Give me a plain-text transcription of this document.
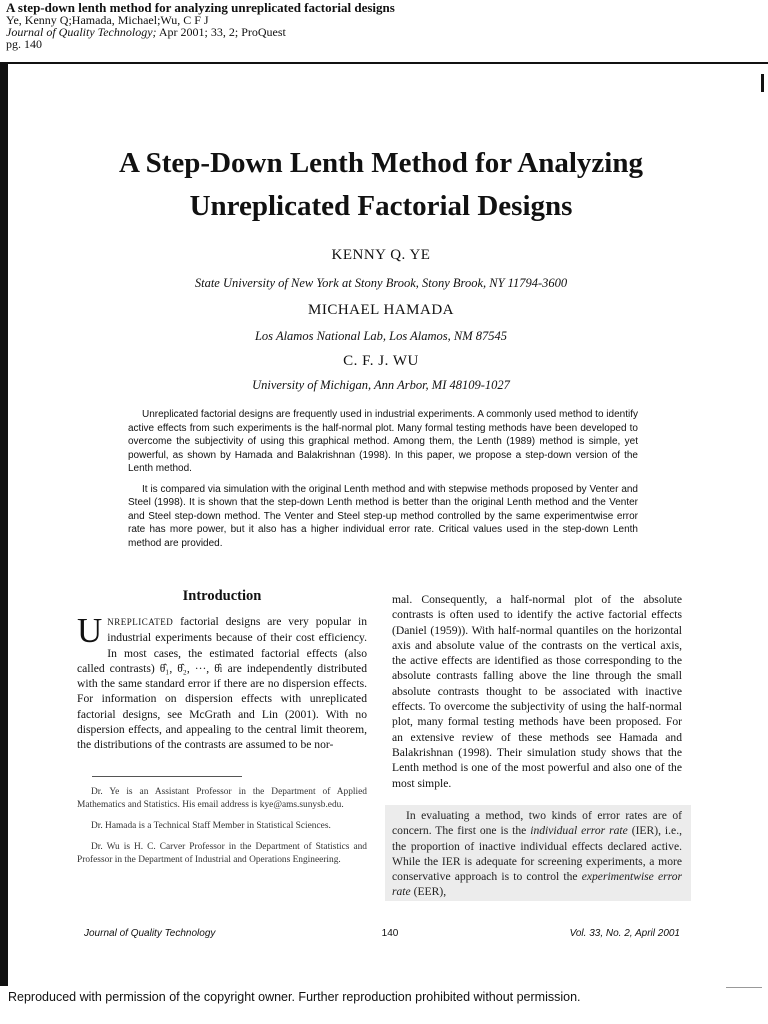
A step-down lenth method for analyzing unreplicated factorial designs
Ye, Kenny Q;Hamada, Michael;Wu, C F J
Journal of Quality Technology; Apr 2001; 33, 2; ProQuest
pg. 140
A Step-Down Lenth Method for Analyzing
Unreplicated Factorial Designs
KENNY Q. YE
State University of New York at Stony Brook, Stony Brook, NY 11794-3600
MICHAEL HAMADA
Los Alamos National Lab, Los Alamos, NM 87545
C. F. J. WU
University of Michigan, Ann Arbor, MI 48109-1027

Unreplicated factorial designs are frequently used in industrial experiments. A commonly used method to identify active effects from such experiments is the half-normal plot. Many formal testing methods have been developed to overcome the subjectivity of using this graphical method. Among them, the Lenth (1989) method is simple, yet powerful, as shown by Hamada and Balakrishnan (1998). In this paper, we propose a step-down version of the Lenth method.

It is compared via simulation with the original Lenth method and with stepwise methods proposed by Venter and Steel (1998). It is shown that the step-down Lenth method is better than the original Lenth method and the Venter and Steel step-down method. The Venter and Steel step-up method controlled by the same experimentwise error rate has more power, but it also has a higher individual error rate. Critical values used in the step-down Lenth method are provided.

Introduction

UNREPLICATED factorial designs are very popular in industrial experiments because of their cost efficiency. In most cases, the estimated factorial effects (also called contrasts) θ̂₁, θ̂₂, ···, θ̂ₗ are independently distributed with the same standard error if there are no dispersion effects. For information on dispersion effects with unreplicated factorial designs, see McGrath and Lin (2001). With no dispersion effects, and appealing to the central limit theorem, the distributions of the contrasts are assumed to be nor-

Dr. Ye is an Assistant Professor in the Department of Applied Mathematics and Statistics. His email address is kye@ams.sunysb.edu.

Dr. Hamada is a Technical Staff Member in Statistical Sciences.

Dr. Wu is H. C. Carver Professor in the Department of Statistics and Professor in the Department of Industrial and Operations Engineering.

mal. Consequently, a half-normal plot of the absolute contrasts is often used to identify the active factorial effects (Daniel (1959)). With half-normal quantiles on the horizontal axis and absolute value of the contrasts on the vertical axis, the active effects are identified as those corresponding to the absolute contrasts falling above the line through the small absolute contrasts thought to be associated with inactive effects. To overcome the subjectivity of using the half-normal plot, many formal testing methods have been proposed. For an extensive review of these methods see Hamada and Balakrishnan (1998). Their simulation study shows that the Lenth method is one of the most powerful and also one of the most simple.

In evaluating a method, two kinds of error rates are of concern. The first one is the individual error rate (IER), i.e., the proportion of inactive individual effects declared active. While the IER is adequate for screening experiments, a more conservative approach is to control the experimentwise error rate (EER),

Journal of Quality Technology	140	Vol. 33, No. 2, April 2001
Reproduced with permission of the copyright owner. Further reproduction prohibited without permission.
